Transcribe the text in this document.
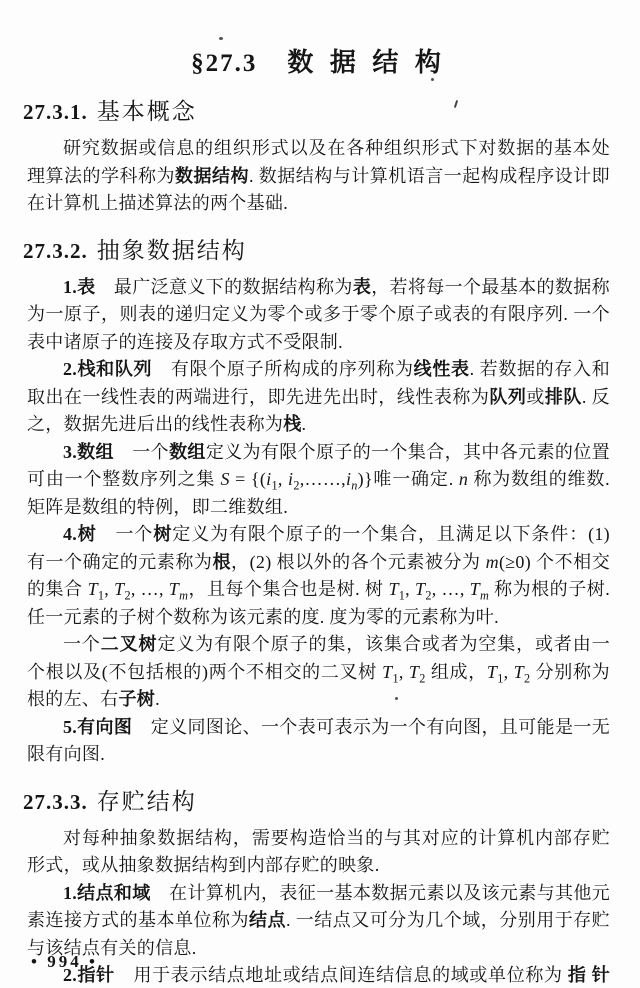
§27.3 数 据 结 构
27.3.1. 基本概念

研究数据或信息的组织形式以及在各种组织形式下对数据的基本处理算法的学科称为数据结构. 数据结构与计算机语言一起构成程序设计即在计算机上描述算法的两个基础.

27.3.2. 抽象数据结构

1.表　最广泛意义下的数据结构称为表，若将每一个最基本的数据称为一原子，则表的递归定义为零个或多于零个原子或表的有限序列. 一个表中诸原子的连接及存取方式不受限制.

2.栈和队列　有限个原子所构成的序列称为线性表. 若数据的存入和取出在一线性表的两端进行，即先进先出时，线性表称为队列或排队. 反之，数据先进后出的线性表称为栈.

3.数组　一个数组定义为有限个原子的一个集合，其中各元素的位置可由一个整数序列之集 $S = \{(i_1$, $i_2,\dots\dots,i_n$)}唯一确定. n 称为数组的维数. 矩阵是数组的特例，即二维数组.

4.树　一个树定义为有限个原子的一个集合，且满足以下条件：(1) 有一个确定的元素称为根，(2) 根以外的各个元素被分为 m(≥0) 个不相交的集合 $T_1$, $T_2$, …, $T_m$，且每个集合也是树. 树 $T_1$, $T_2$, …, $T_m$ 称为根的子树. 任一元素的子树个数称为该元素的度. 度为零的元素称为叶.

一个二叉树定义为有限个原子的集，该集合或者为空集，或者由一个根以及(不包括根的)两个不相交的二叉树 $T_1$, $T_2$ 组成，$T_1$, $T_2$ 分别称为根的左、右子树.

5.有向图　定义同图论、一个表可表示为一个有向图，且可能是一无限有向图.

27.3.3. 存贮结构

对每种抽象数据结构，需要构造恰当的与其对应的计算机内部存贮形式，或从抽象数据结构到内部存贮的映象.

1.结点和域　在计算机内，表征一基本数据元素以及该元素与其他元素连接方式的基本单位称为结点. 一结点又可分为几个域，分别用于存贮与该结点有关的信息.

2.指针　用于表示结点地址或结点间连结信息的域或单位称为 指 针

• 994 •
